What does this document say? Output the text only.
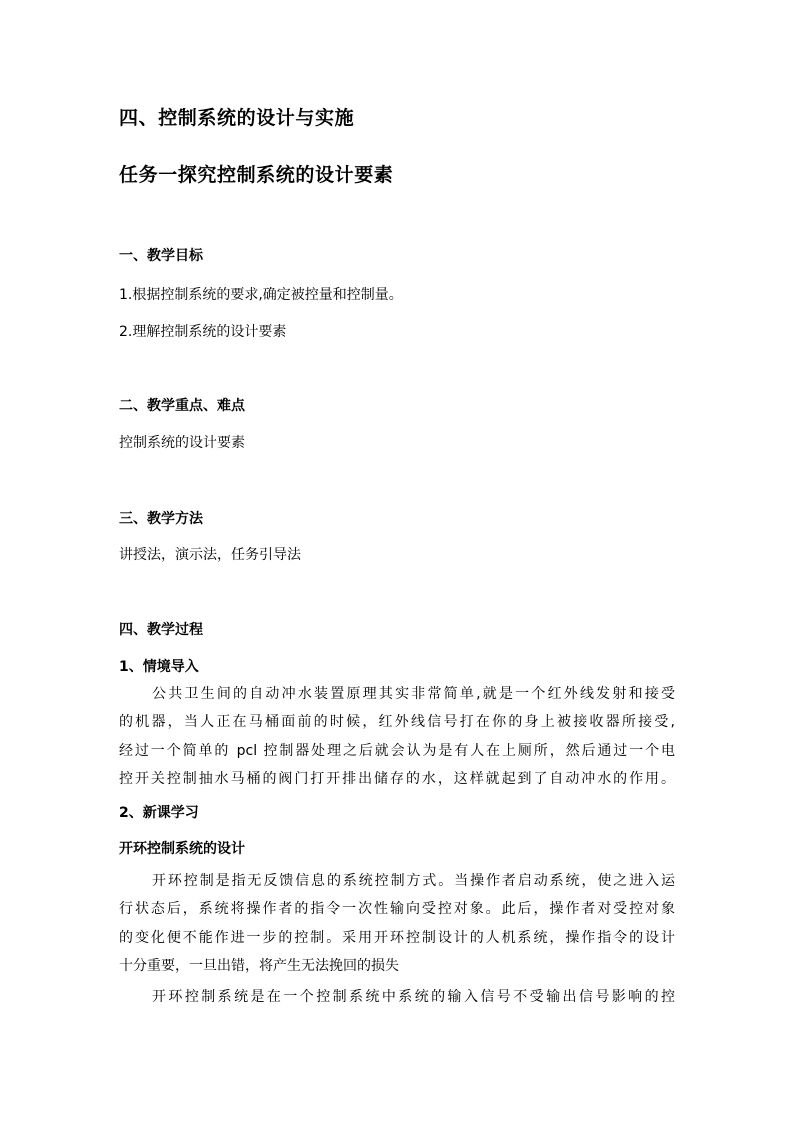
四、控制系统的设计与实施
任务一探究控制系统的设计要素
一、教学目标
1.根据控制系统的要求,确定被控量和控制量。
2.理解控制系统的设计要素
二、教学重点、难点
控制系统的设计要素
三、教学方法
讲授法，演示法，任务引导法
四、教学过程
1、情境导入
公共卫生间的自动冲水装置原理其实非常简单,就是一个红外线发射和接受
的机器，当人正在马桶面前的时候，红外线信号打在你的身上被接收器所接受,
经过一个简单的 pcl 控制器处理之后就会认为是有人在上厕所，然后通过一个电
控开关控制抽水马桶的阀门打开排出储存的水，这样就起到了自动冲水的作用。
2、新课学习
开环控制系统的设计
开环控制是指无反馈信息的系统控制方式。当操作者启动系统，使之进入运
行状态后，系统将操作者的指令一次性输向受控对象。此后，操作者对受控对象
的变化便不能作进一步的控制。采用开环控制设计的人机系统，操作指令的设计
十分重要，一旦出错，将产生无法挽回的损失
开环控制系统是在一个控制系统中系统的输入信号不受输出信号影响的控
